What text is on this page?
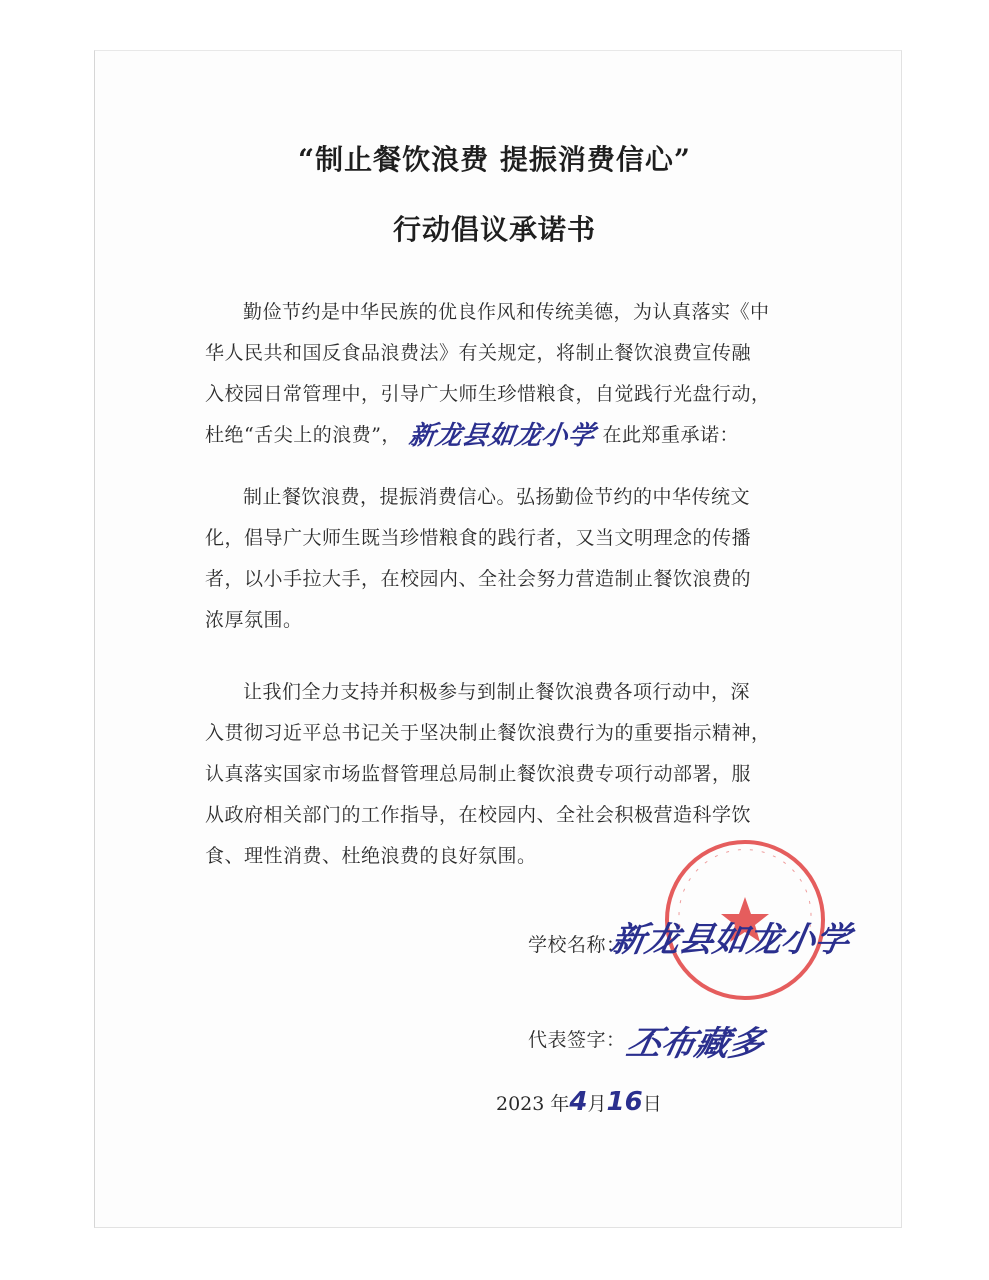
“制止餐饮浪费 提振消费信心”
行动倡议承诺书

勤俭节约是中华民族的优良作风和传统美德，为认真落实《中
华人民共和国反食品浪费法》有关规定，将制止餐饮浪费宣传融
入校园日常管理中，引导广大师生珍惜粮食，自觉践行光盘行动，
杜绝“舌尖上的浪费”， 新龙县如龙小学 在此郑重承诺：

制止餐饮浪费，提振消费信心。弘扬勤俭节约的中华传统文
化，倡导广大师生既当珍惜粮食的践行者，又当文明理念的传播
者，以小手拉大手，在校园内、全社会努力营造制止餐饮浪费的
浓厚氛围。

让我们全力支持并积极参与到制止餐饮浪费各项行动中，深
入贯彻习近平总书记关于坚决制止餐饮浪费行为的重要指示精神，
认真落实国家市场监督管理总局制止餐饮浪费专项行动部署，服
从政府相关部门的工作指导，在校园内、全社会积极营造科学饮
食、理性消费、杜绝浪费的良好氛围。

学校名称：
新龙县如龙小学
代表签字：
丕布藏多
2023 年4月16日
